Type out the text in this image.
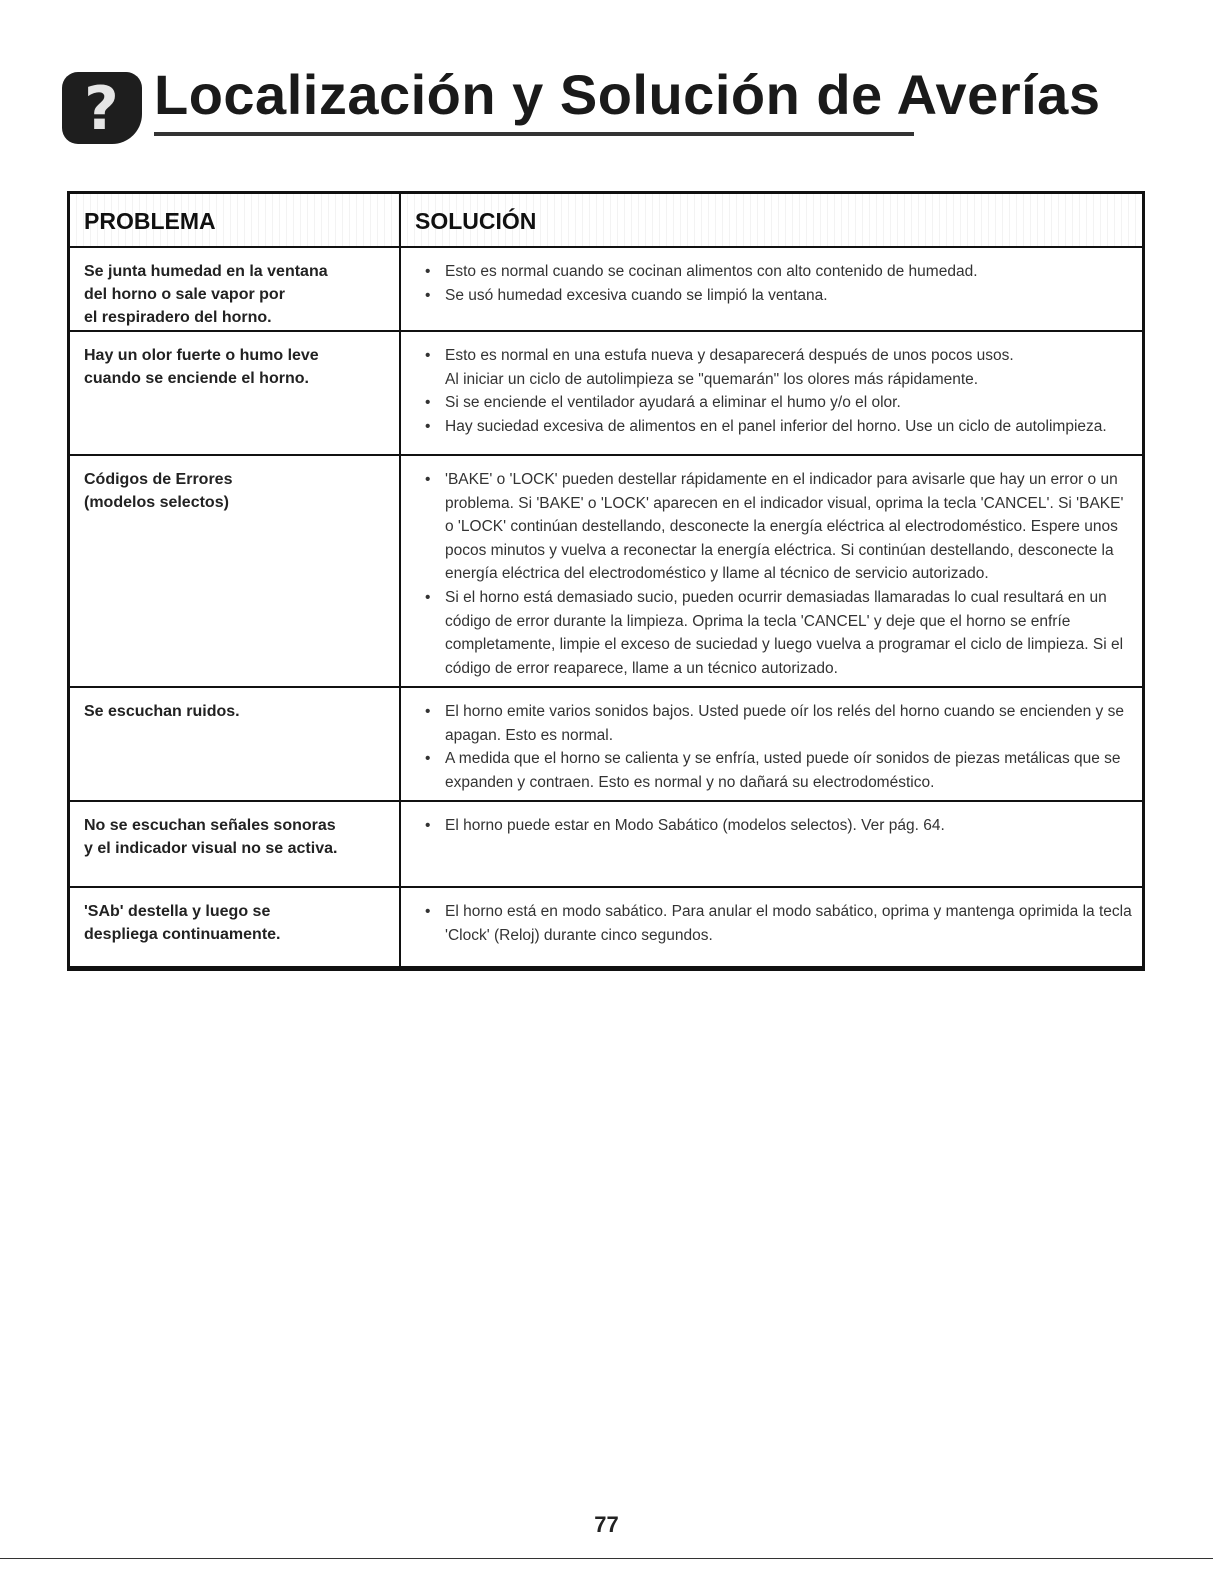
? Localización y Solución de Averías
PROBLEMA	SOLUCIÓN
Se junta humedad en la ventana
del horno o sale vapor por
el respiradero del horno.
• Esto es normal cuando se cocinan alimentos con alto contenido de humedad.
• Se usó humedad excesiva cuando se limpió la ventana.
Hay un olor fuerte o humo leve
cuando se enciende el horno.
• Esto es normal en una estufa nueva y desaparecerá después de unos pocos usos.
Al iniciar un ciclo de autolimpieza se "quemarán" los olores más rápidamente.
• Si se enciende el ventilador ayudará a eliminar el humo y/o el olor.
• Hay suciedad excesiva de alimentos en el panel inferior del horno. Use un ciclo de autolimpieza.
Códigos de Errores
(modelos selectos)
• 'BAKE' o 'LOCK' pueden destellar rápidamente en el indicador para avisarle que hay un error o un problema. Si 'BAKE' o 'LOCK' aparecen en el indicador visual, oprima la tecla 'CANCEL'. Si 'BAKE' o 'LOCK' continúan destellando, desconecte la energía eléctrica al electrodoméstico. Espere unos pocos minutos y vuelva a reconectar la energía eléctrica. Si continúan destellando, desconecte la energía eléctrica del electrodoméstico y llame al técnico de servicio autorizado.
• Si el horno está demasiado sucio, pueden ocurrir demasiadas llamaradas lo cual resultará en un código de error durante la limpieza. Oprima la tecla 'CANCEL' y deje que el horno se enfríe completamente, limpie el exceso de suciedad y luego vuelva a programar el ciclo de limpieza. Si el código de error reaparece, llame a un técnico autorizado.
Se escuchan ruidos.
•	El horno emite varios sonidos bajos. Usted puede oír los relés del horno cuando se encienden y se apagan. Esto es normal.
• A medida que el horno se calienta y se enfría, usted puede oír sonidos de piezas metálicas que se expanden y contraen. Esto es normal y no dañará su electrodoméstico.
No se escuchan señales sonoras
y el indicador visual no se activa.
• El horno puede estar en Modo Sabático (modelos selectos). Ver pág. 64.
'SAb' destella y luego se
despliega continuamente.
• El horno está en modo sabático. Para anular el modo sabático, oprima y mantenga oprimida la tecla 'Clock' (Reloj) durante cinco segundos.
77
